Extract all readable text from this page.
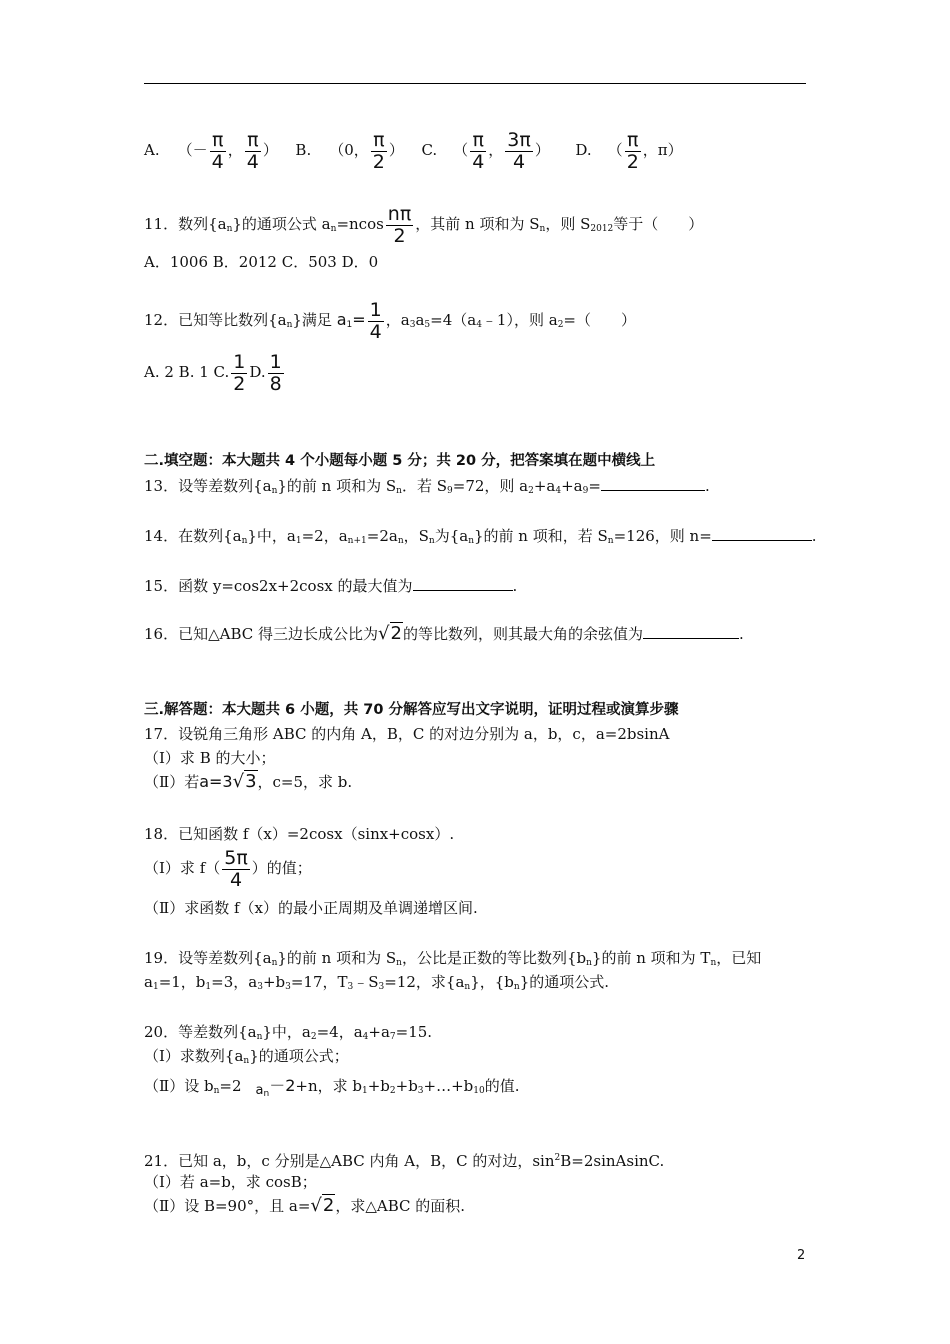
A. （－ $\frac{\pi}{4}$ ， $\frac{\pi}{4}$ ） B. （0， $\frac{\pi}{2}$ ） C. （ $\frac{\pi}{4}$ ， $\frac{3\pi}{4}$ ） D. （ $\frac{\pi}{2}$ ，π）
11．数列$\{a_n\}$的通项公式 $a_n=ncos \frac{n\pi}{2}$ ，其前 n 项和为 $S_n$，则 $S_{2012}$等于（　　）
A．1006 B．2012 C．503 D．0
12．已知等比数列$\{a_n\}$满足 $a_1= \frac{1}{4}$ ，$a_3a_5=4(a_4﹣1)$，则 $a_2=$（　　）
A. 2 B. 1 C. $\frac{1}{2} D$. $\frac{1}{8}$
二.填空题：本大题共 4 个小题每小题 5 分；共 20 分，把答案填在题中横线上
13．设等差数列$\{a_n\}$的前 n 项和为 $S_n$．若 $S_9=72$，则 $a_2+a_4+a_9=$	.
14．在数列$\{a_n\}$中，$a_1=2$，$a_{n+1}=2a_n$，$S_n$为$\{a_n\}$的前 n 项和，若 $S_n=126$，则 n=	.
15．函数 y=cos2x+2cosx 的最大值为	.
16．已知△ABC 得三边长成公比为√2的等比数列，则其最大角的余弦值为	.
三.解答题：本大题共 6 小题，共 70 分解答应写出文字说明，证明过程或演算步骤
17．设锐角三角形 ABC 的内角 A，B，C 的对边分别为 a，b，c，a=2bsinA
（Ⅰ）求 B 的大小；
（Ⅱ）若a=3√3，c=5，求 b.
18．已知函数 f（x）=2cosx（sinx+cosx）.
（Ⅰ）求 $f( \frac{5\pi}{4}$ ）的值；
（Ⅱ）求函数 f（x）的最小正周期及单调递增区间.
19．设等差数列$\{a_n\}$的前 n 项和为 $S_n$，公比是正数的等比数列$\{b_n\}$的前 n 项和为 $T_n$，已知
$a_1=1$，$b_1=3$，$a_3+b_3=17$，$T_3﹣S_3=12$，求$\{a_n\}$，$\{b_n\}$的通项公式.
20．等差数列$\{a_n\}$中，$a_2=4$，$a_4+a_7=15$.
（Ⅰ）求数列$\{a_n\}$的通项公式；
（Ⅱ）设 $b_n=2$ $a_n-2+n$，求 $b_1+b_2+b_3+\dots+b_{10}$的值.
21．已知 a，b，c 分别是△ABC 内角 A，B，C 的对边，$\sin^2B=2sinAsinC$.
（Ⅰ）若 a=b，求 cosB；
（Ⅱ）设 B=90°，且 a=√2，求△ABC 的面积.
2
